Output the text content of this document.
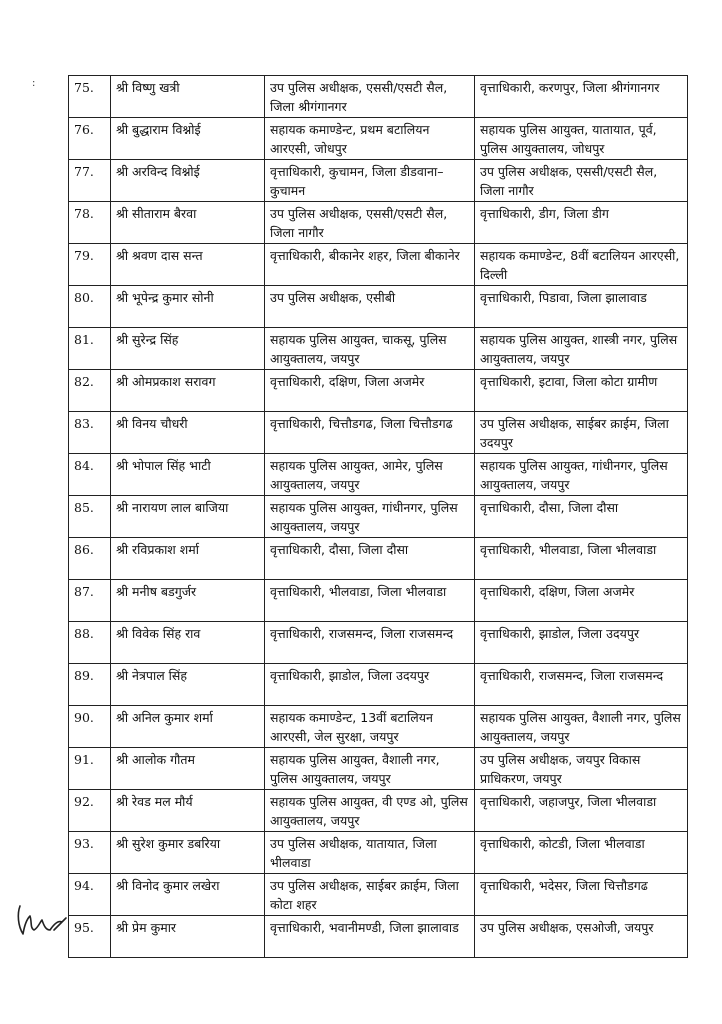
:	75.	श्री विष्णु खत्री	उप पुलिस अधीक्षक, एससी/एसटी सैल, जिला श्रीगंगानगर	वृत्ताधिकारी, करणपुर, जिला श्रीगंगानगर
76.	श्री बुद्धाराम विश्नोई	सहायक कमाण्डेन्ट, प्रथम बटालियन आरएसी, जोधपुर	सहायक पुलिस आयुक्त, यातायात, पूर्व, पुलिस आयुक्तालय, जोधपुर
77.	श्री अरविन्द विश्नोई	वृत्ताधिकारी, कुचामन, जिला डीडवाना–कुचामन	उप पुलिस अधीक्षक, एससी/एसटी सैल, जिला नागौर
78.	श्री सीताराम बैरवा	उप पुलिस अधीक्षक, एससी/एसटी सैल, जिला नागौर	वृत्ताधिकारी, डीग, जिला डीग
79.	श्री श्रवण दास सन्त	वृत्ताधिकारी, बीकानेर शहर, जिला बीकानेर	सहायक कमाण्डेन्ट, 8वीं बटालियन आरएसी, दिल्ली
80.	श्री भूपेन्द्र कुमार सोनी	उप पुलिस अधीक्षक, एसीबी	वृत्ताधिकारी, पिडावा, जिला झालावाड
81.	श्री सुरेन्द्र सिंह	सहायक पुलिस आयुक्त, चाकसू, पुलिस आयुक्तालय, जयपुर	सहायक पुलिस आयुक्त, शास्त्री नगर, पुलिस आयुक्तालय, जयपुर
82.	श्री ओमप्रकाश सरावग	वृत्ताधिकारी, दक्षिण, जिला अजमेर	वृत्ताधिकारी, इटावा, जिला कोटा ग्रामीण
83.	श्री विनय चौधरी	वृत्ताधिकारी, चित्तौडगढ, जिला चित्तौडगढ	उप पुलिस अधीक्षक, साईबर क्राईम, जिला उदयपुर
84.	श्री भोपाल सिंह भाटी	सहायक पुलिस आयुक्त, आमेर, पुलिस आयुक्तालय, जयपुर	सहायक पुलिस आयुक्त, गांधीनगर, पुलिस आयुक्तालय, जयपुर
85.	श्री नारायण लाल बाजिया	सहायक पुलिस आयुक्त, गांधीनगर, पुलिस आयुक्तालय, जयपुर	वृत्ताधिकारी, दौसा, जिला दौसा
86.	श्री रविप्रकाश शर्मा	वृत्ताधिकारी, दौसा, जिला दौसा	वृत्ताधिकारी, भीलवाडा, जिला भीलवाडा
87.	श्री मनीष बडगुर्जर	वृत्ताधिकारी, भीलवाडा, जिला भीलवाडा	वृत्ताधिकारी, दक्षिण, जिला अजमेर
88.	श्री विवेक सिंह राव	वृत्ताधिकारी, राजसमन्द, जिला राजसमन्द	वृत्ताधिकारी, झाडोल, जिला उदयपुर
89.	श्री नेत्रपाल सिंह	वृत्ताधिकारी, झाडोल, जिला उदयपुर	वृत्ताधिकारी, राजसमन्द, जिला राजसमन्द
90.	श्री अनिल कुमार शर्मा	सहायक कमाण्डेन्ट, 13वीं बटालियन आरएसी, जेल सुरक्षा, जयपुर	सहायक पुलिस आयुक्त, वैशाली नगर, पुलिस आयुक्तालय, जयपुर
91.	श्री आलोक गौतम	सहायक पुलिस आयुक्त, वैशाली नगर, पुलिस आयुक्तालय, जयपुर	उप पुलिस अधीक्षक, जयपुर विकास प्राधिकरण, जयपुर
92.	श्री रेवड मल मौर्य	सहायक पुलिस आयुक्त, वी एण्ड ओ, पुलिस आयुक्तालय, जयपुर	वृत्ताधिकारी, जहाजपुर, जिला भीलवाडा
93.	श्री सुरेश कुमार डबरिया	उप पुलिस अधीक्षक, यातायात, जिला भीलवाडा	वृत्ताधिकारी, कोटडी, जिला भीलवाडा
94.	श्री विनोद कुमार लखेरा	उप पुलिस अधीक्षक, साईबर क्राईम, जिला कोटा शहर	वृत्ताधिकारी, भदेसर, जिला चित्तौडगढ
95.	श्री प्रेम कुमार	वृत्ताधिकारी, भवानीमण्डी, जिला झालावाड	उप पुलिस अधीक्षक, एसओजी, जयपुर
